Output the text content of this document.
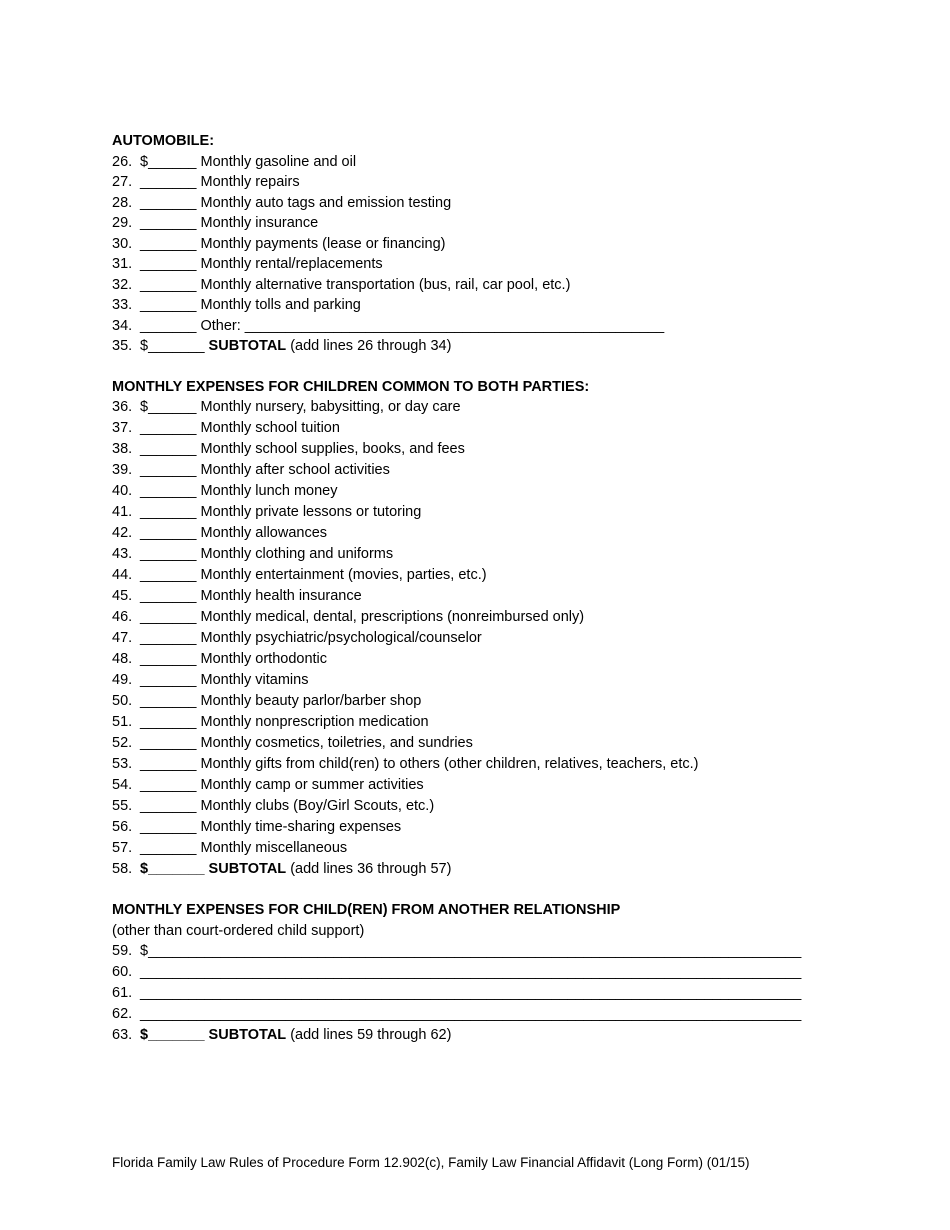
AUTOMOBILE:
26. $______ Monthly gasoline and oil
27. _______ Monthly repairs
28. _______ Monthly auto tags and emission testing
29. _______ Monthly insurance
30. _______ Monthly payments (lease or financing)
31. _______ Monthly rental/replacements
32. _______ Monthly alternative transportation (bus, rail, car pool, etc.)
33. _______ Monthly tolls and parking
34. _______ Other: ____________________________________________________
35. $_______ SUBTOTAL (add lines 26 through 34)
MONTHLY EXPENSES FOR CHILDREN COMMON TO BOTH PARTIES:
36. $______ Monthly nursery, babysitting, or day care
37. _______ Monthly school tuition
38. _______ Monthly school supplies, books, and fees
39. _______ Monthly after school activities
40. _______ Monthly lunch money
41. _______ Monthly private lessons or tutoring
42. _______ Monthly allowances
43. _______ Monthly clothing and uniforms
44. _______ Monthly entertainment (movies, parties, etc.)
45. _______ Monthly health insurance
46. _______ Monthly medical, dental, prescriptions (nonreimbursed only)
47. _______ Monthly psychiatric/psychological/counselor
48. _______ Monthly orthodontic
49. _______ Monthly vitamins
50. _______ Monthly beauty parlor/barber shop
51. _______ Monthly nonprescription medication
52. _______ Monthly cosmetics, toiletries, and sundries
53. _______ Monthly gifts from child(ren) to others (other children, relatives, teachers, etc.)
54. _______ Monthly camp or summer activities
55. _______ Monthly clubs (Boy/Girl Scouts, etc.)
56. _______ Monthly time-sharing expenses
57. _______ Monthly miscellaneous
58. $_______ SUBTOTAL (add lines 36 through 57)
MONTHLY EXPENSES FOR CHILD(REN) FROM ANOTHER RELATIONSHIP
(other than court-ordered child support)
59. $_________________________________________________________________________________
60. __________________________________________________________________________________
61. __________________________________________________________________________________
62. __________________________________________________________________________________
63. $_______ SUBTOTAL (add lines 59 through 62)
Florida Family Law Rules of Procedure Form 12.902(c), Family Law Financial Affidavit (Long Form) (01/15)
